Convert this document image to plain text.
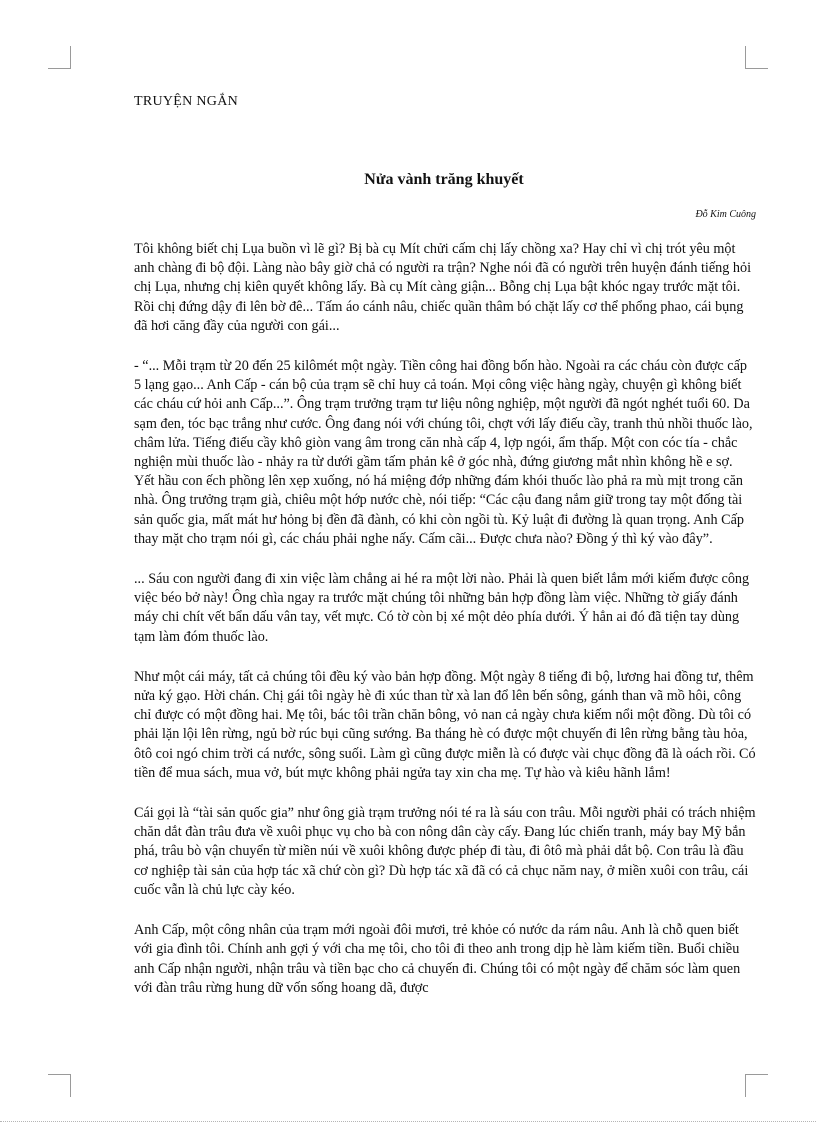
TRUYỆN NGẮN
Nửa vành trăng khuyết
Đỗ Kim Cuông

Tôi không biết chị Lụa buồn vì lẽ gì? Bị bà cụ Mít chửi cấm chị lấy chồng xa? Hay chỉ vì chị trót yêu một anh chàng đi bộ đội. Làng nào bây giờ chả có người ra trận? Nghe nói đã có người trên huyện đánh tiếng hỏi chị Lụa, nhưng chị kiên quyết không lấy. Bà cụ Mít càng giận... Bỗng chị Lụa bật khóc ngay trước mặt tôi. Rồi chị đứng dậy đi lên bờ đê... Tấm áo cánh nâu, chiếc quần thâm bó chặt lấy cơ thể phổng phao, cái bụng đã hơi căng đầy của người con gái...

- “... Mỗi trạm từ 20 đến 25 kilômét một ngày. Tiền công hai đồng bốn hào. Ngoài ra các cháu còn được cấp 5 lạng gạo... Anh Cấp - cán bộ của trạm sẽ chỉ huy cả toán. Mọi công việc hàng ngày, chuyện gì không biết các cháu cứ hỏi anh Cấp...”. Ông trạm trưởng trạm tư liệu nông nghiệp, một người đã ngót nghét tuổi 60. Da sạm đen, tóc bạc trắng như cước. Ông đang nói với chúng tôi, chợt với lấy điếu cầy, tranh thủ nhồi thuốc lào, châm lửa. Tiếng điếu cầy khô giòn vang âm trong căn nhà cấp 4, lợp ngói, ẩm thấp. Một con cóc tía - chắc nghiện mùi thuốc lào - nhảy ra từ dưới gầm tấm phản kê ở góc nhà, đứng giương mắt nhìn không hề e sợ. Yết hầu con ếch phồng lên xẹp xuống, nó há miệng đớp những đám khói thuốc lào phả ra mù mịt trong căn nhà. Ông trưởng trạm già, chiêu một hớp nước chè, nói tiếp: “Các cậu đang nắm giữ trong tay một đống tài sản quốc gia, mất mát hư hỏng bị đền đã đành, có khi còn ngồi tù. Kỷ luật đi đường là quan trọng. Anh Cấp thay mặt cho trạm nói gì, các cháu phải nghe nấy. Cấm cãi... Được chưa nào? Đồng ý thì ký vào đây”.

... Sáu con người đang đi xin việc làm chẳng ai hé ra một lời nào. Phải là quen biết lắm mới kiếm được công việc béo bở này! Ông chìa ngay ra trước mặt chúng tôi những bản hợp đồng làm việc. Những tờ giấy đánh máy chi chít vết bẩn dấu vân tay, vết mực. Có tờ còn bị xé một dẻo phía dưới. Ý hẳn ai đó đã tiện tay dùng tạm làm đóm thuốc lào.

Như một cái máy, tất cả chúng tôi đều ký vào bản hợp đồng. Một ngày 8 tiếng đi bộ, lương hai đồng tư, thêm nửa ký gạo. Hời chán. Chị gái tôi ngày hè đi xúc than từ xà lan đổ lên bến sông, gánh than vã mồ hôi, công chỉ được có một đồng hai. Mẹ tôi, bác tôi trần chăn bông, vỏ nan cả ngày chưa kiếm nổi một đồng. Dù tôi có phải lặn lội lên rừng, ngủ bờ rúc bụi cũng sướng. Ba tháng hè có được một chuyến đi lên rừng bằng tàu hỏa, ôtô coi ngó chim trời cá nước, sông suối. Làm gì cũng được miễn là có được vài chục đồng đã là oách rồi. Có tiền để mua sách, mua vở, bút mực không phải ngửa tay xin cha mẹ. Tự hào và kiêu hãnh lắm!

Cái gọi là “tài sản quốc gia” như ông già trạm trưởng nói té ra là sáu con trâu. Mỗi người phải có trách nhiệm chăn dắt đàn trâu đưa về xuôi phục vụ cho bà con nông dân cày cấy. Đang lúc chiến tranh, máy bay Mỹ bắn phá, trâu bò vận chuyển từ miền núi về xuôi không được phép đi tàu, đi ôtô mà phải dắt bộ. Con trâu là đầu cơ nghiệp tài sản của hợp tác xã chứ còn gì? Dù hợp tác xã đã có cả chục năm nay, ở miền xuôi con trâu, cái cuốc vẫn là chủ lực cày kéo.

Anh Cấp, một công nhân của trạm mới ngoài đôi mươi, trẻ khỏe có nước da rám nâu. Anh là chỗ quen biết với gia đình tôi. Chính anh gợi ý với cha mẹ tôi, cho tôi đi theo anh trong dịp hè làm kiếm tiền. Buổi chiều anh Cấp nhận người, nhận trâu và tiền bạc cho cả chuyến đi. Chúng tôi có một ngày để chăm sóc làm quen với đàn trâu rừng hung dữ vốn sống hoang dã, được
